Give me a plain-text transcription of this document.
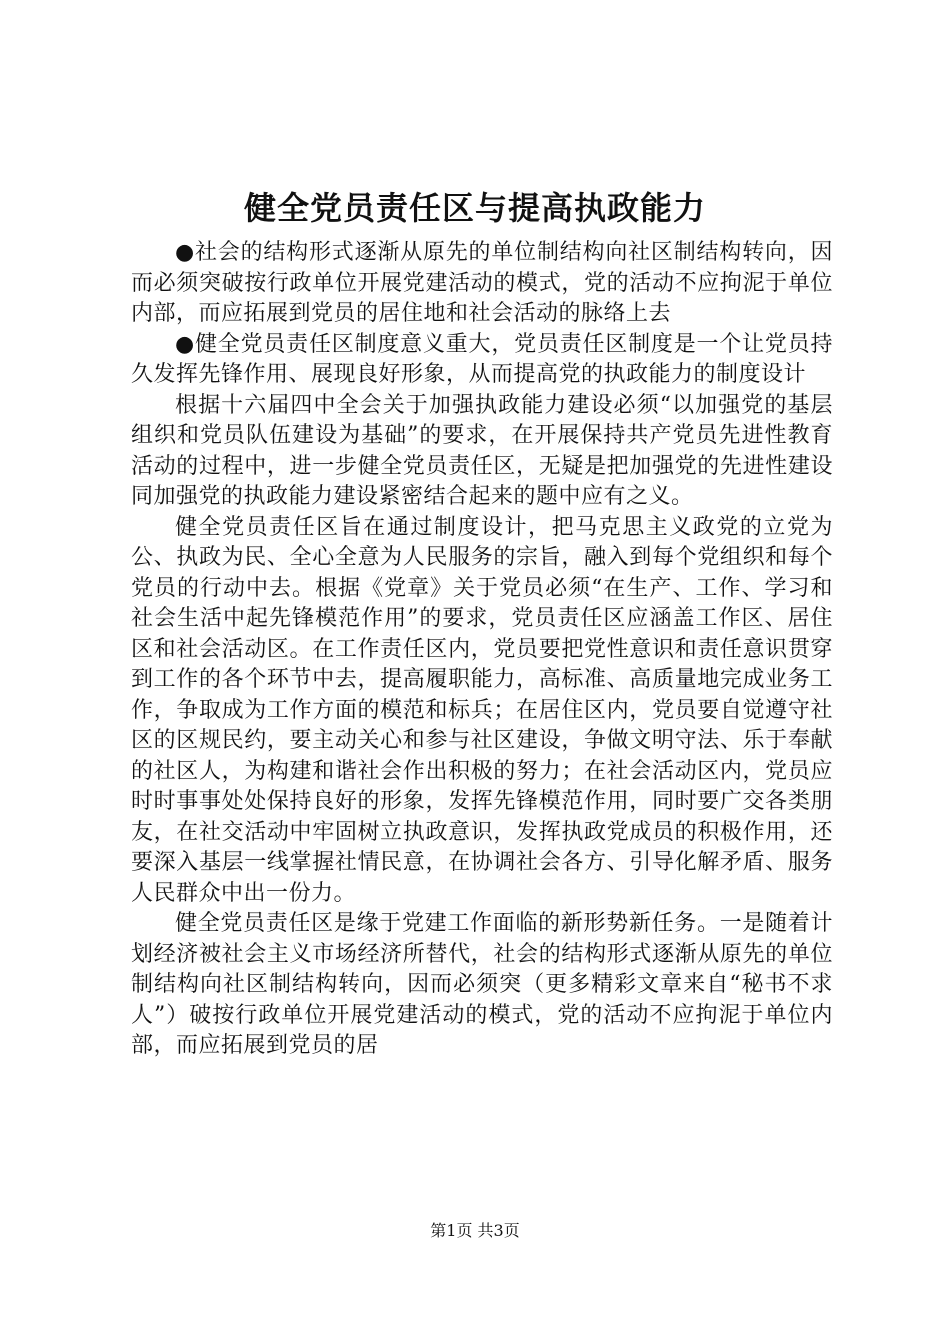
健全党员责任区与提高执政能力

●社会的结构形式逐渐从原先的单位制结构向社区制结构转向，因而必须突破按行政单位开展党建活动的模式，党的活动不应拘泥于单位内部，而应拓展到党员的居住地和社会活动的脉络上去

●健全党员责任区制度意义重大，党员责任区制度是一个让党员持久发挥先锋作用、展现良好形象，从而提高党的执政能力的制度设计

根据十六届四中全会关于加强执政能力建设必须“以加强党的基层组织和党员队伍建设为基础”的要求，在开展保持共产党员先进性教育活动的过程中，进一步健全党员责任区，无疑是把加强党的先进性建设同加强党的执政能力建设紧密结合起来的题中应有之义。

健全党员责任区旨在通过制度设计，把马克思主义政党的立党为公、执政为民、全心全意为人民服务的宗旨，融入到每个党组织和每个党员的行动中去。根据《党章》关于党员必须“在生产、工作、学习和社会生活中起先锋模范作用”的要求，党员责任区应涵盖工作区、居住区和社会活动区。在工作责任区内，党员要把党性意识和责任意识贯穿到工作的各个环节中去，提高履职能力，高标准、高质量地完成业务工作，争取成为工作方面的模范和标兵；在居住区内，党员要自觉遵守社区的区规民约，要主动关心和参与社区建设，争做文明守法、乐于奉献的社区人，为构建和谐社会作出积极的努力；在社会活动区内，党员应时时事事处处保持良好的形象，发挥先锋模范作用，同时要广交各类朋友，在社交活动中牢固树立执政意识，发挥执政党成员的积极作用，还要深入基层一线掌握社情民意，在协调社会各方、引导化解矛盾、服务人民群众中出一份力。

健全党员责任区是缘于党建工作面临的新形势新任务。一是随着计划经济被社会主义市场经济所替代，社会的结构形式逐渐从原先的单位制结构向社区制结构转向，因而必须突（更多精彩文章来自“秘书不求人”）破按行政单位开展党建活动的模式，党的活动不应拘泥于单位内部，而应拓展到党员的居

第1页 共3页
